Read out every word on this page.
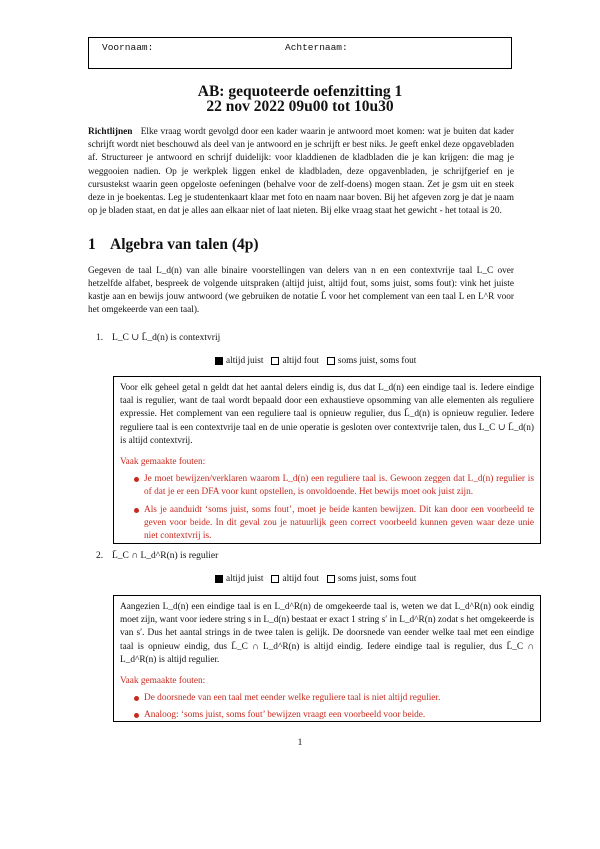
Voornaam:	Achternaam:
AB: gequoteerde oefenzitting 1
22 nov 2022 09u00 tot 10u30

Richtlijnen Elke vraag wordt gevolgd door een kader waarin je antwoord moet komen: wat je buiten dat kader schrijft wordt niet beschouwd als deel van je antwoord en je schrijft er best niks. Je geeft enkel deze opgavebladen af. Structureer je antwoord en schrijf duidelijk: voor kladdienen de kladbladen die je kan krijgen: die mag je weggooien nadien. Op je werkplek liggen enkel de kladbladen, deze opgavenbladen, je schrijfgerief en je cursustekst waarin geen opgeloste oefeningen (behalve voor de zelf-doens) mogen staan. Zet je gsm uit en steek deze in je boekentas. Leg je studentenkaart klaar met foto en naam naar boven. Bij het afgeven zorg je dat je naam op je bladen staat, en dat je alles aan elkaar niet of laat nieten. Bij elke vraag staat het gewicht - het totaal is 20.

1 Algebra van talen (4p)

Gegeven de taal L_d(n) van alle binaire voorstellingen van delers van n en een contextvrije taal L_C over hetzelfde alfabet, bespreek de volgende uitspraken (altijd juist, altijd fout, soms juist, soms fout): vink het juiste kastje aan en bewijs jouw antwoord (we gebruiken de notatie L̄ voor het complement van een taal L en L^R voor het omgekeerde van een taal).

1. L_C ∪ L̄_d(n) is contextvrij
altijd juist altijd fout soms juist, soms fout

Voor elk geheel getal n geldt dat het aantal delers eindig is, dus dat L_d(n) een eindige taal is. Iedere eindige taal is regulier, want de taal wordt bepaald door een exhaustieve opsomming van alle elementen als reguliere expressie. Het complement van een reguliere taal is opnieuw regulier, dus L̄_d(n) is opnieuw regulier. Iedere reguliere taal is een contextvrije taal en de unie operatie is gesloten over contextvrije talen, dus L_C ∪ L̄_d(n) is altijd contextvrij.

Vaak gemaakte fouten:

Je moet bewijzen/verklaren waarom L_d(n) een reguliere taal is. Gewoon zeggen dat L_d(n) regulier is of dat je er een DFA voor kunt opstellen, is onvoldoende. Het bewijs moet ook juist zijn.
Als je aanduidt ‘soms juist, soms fout’, moet je beide kanten bewijzen. Dit kan door een voorbeeld te geven voor beide. In dit geval zou je natuurlijk geen correct voorbeeld kunnen geven waar deze unie niet contextvrij is.
2. L̄_C ∩ L_d^R(n) is regulier
altijd juist altijd fout soms juist, soms fout

Aangezien L_d(n) een eindige taal is en L_d^R(n) de omgekeerde taal is, weten we dat L_d^R(n) ook eindig moet zijn, want voor iedere string s in L_d(n) bestaat er exact 1 string s′ in L_d^R(n) zodat s het omgekeerde is van s′. Dus het aantal strings in de twee talen is gelijk. De doorsnede van eender welke taal met een eindige taal is opnieuw eindig, dus L̄_C ∩ L_d^R(n) is altijd eindig. Iedere eindige taal is regulier, dus L̄_C ∩ L_d^R(n) is altijd regulier.

Vaak gemaakte fouten:

De doorsnede van een taal met eender welke reguliere taal is niet altijd regulier.
Analoog: ‘soms juist, soms fout’ bewijzen vraagt een voorbeeld voor beide.
1
